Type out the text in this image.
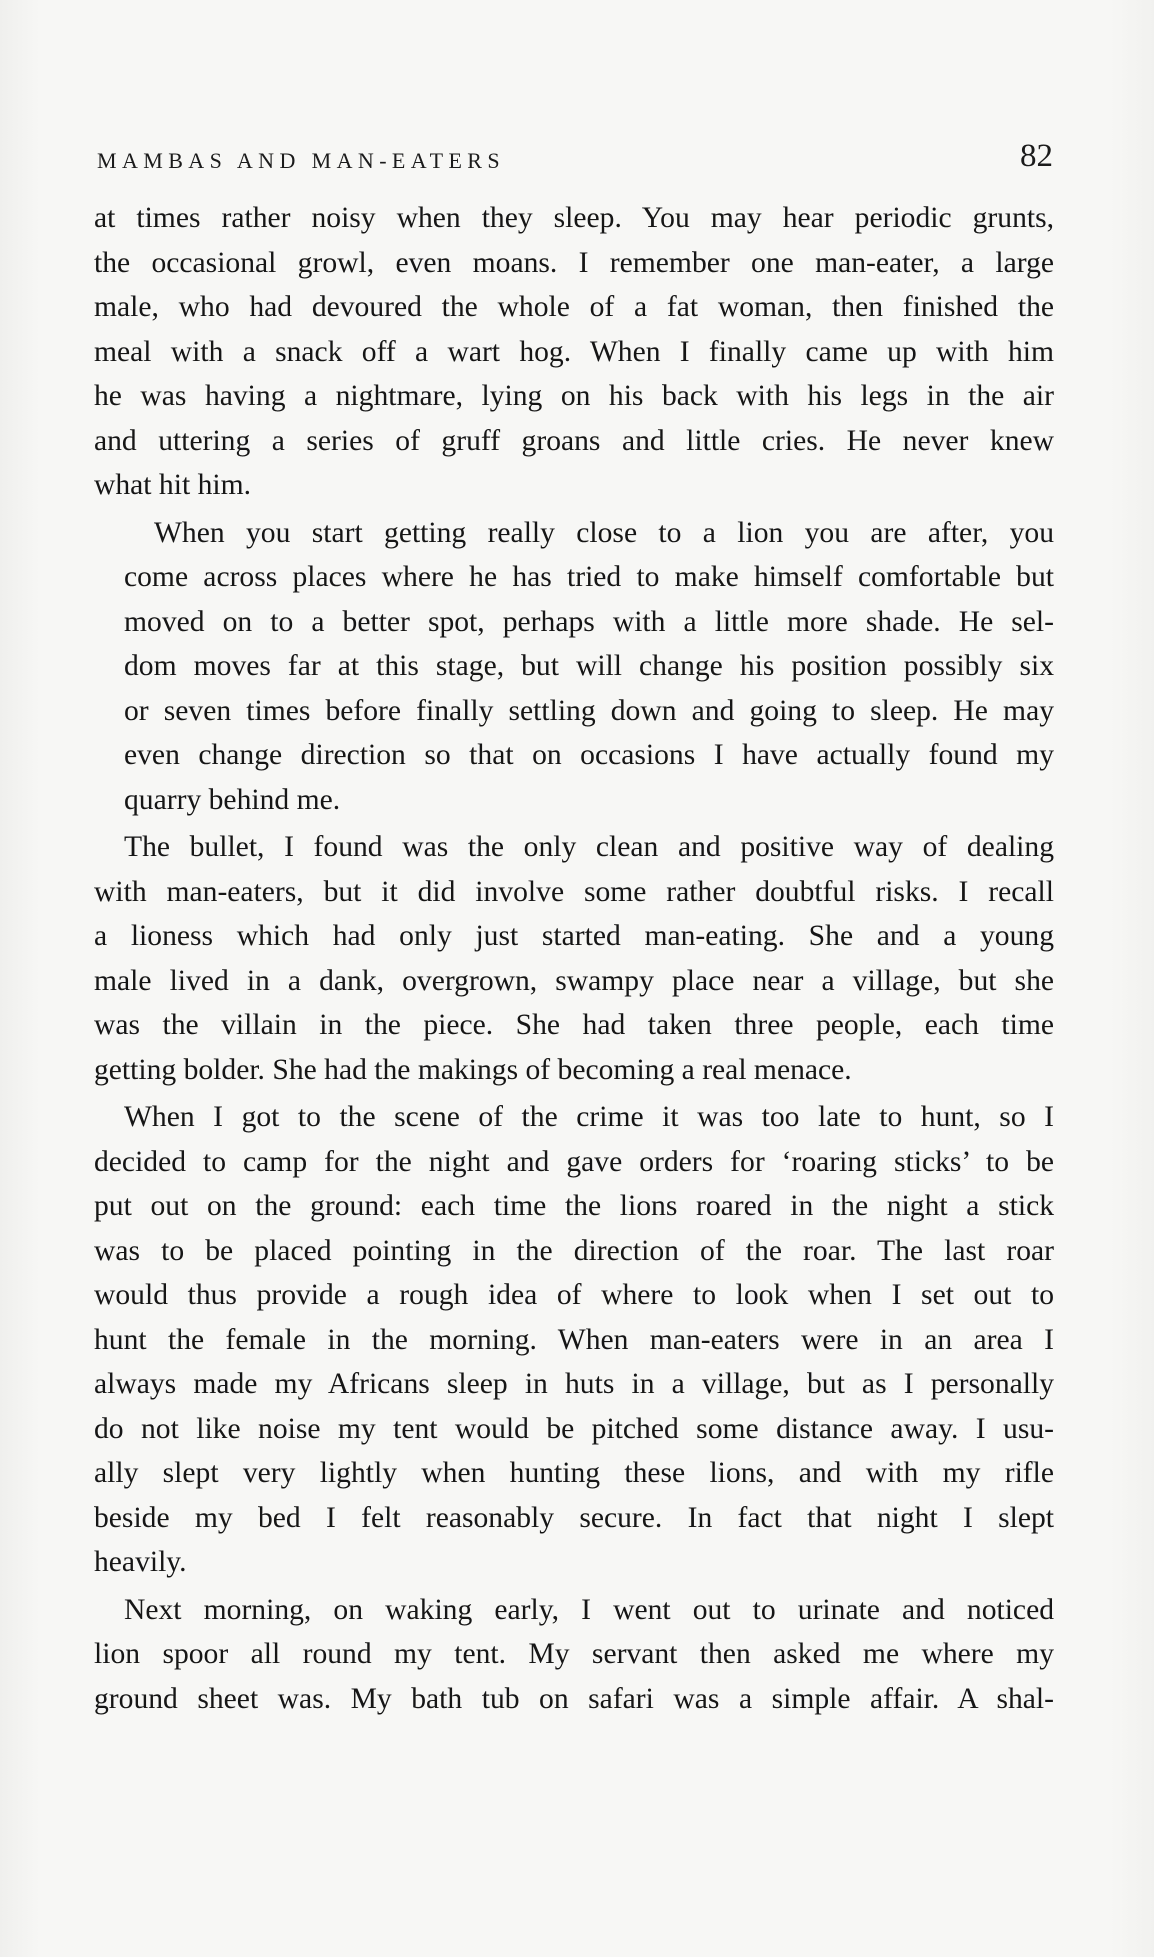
MAMBAS AND MAN-EATERS	82

at times rather noisy when they sleep. You may hear periodic grunts,
the occasional growl, even moans. I remember one man-eater, a large
male, who had devoured the whole of a fat woman, then finished the
meal with a snack off a wart hog. When I finally came up with him
he was having a nightmare, lying on his back with his legs in the air
and uttering a series of gruff groans and little cries. He never knew
what hit him.

When you start getting really close to a lion you are after, you
come across places where he has tried to make himself comfortable but
moved on to a better spot, perhaps with a little more shade. He sel-
dom moves far at this stage, but will change his position possibly six
or seven times before finally settling down and going to sleep. He may
even change direction so that on occasions I have actually found my
quarry behind me.

The bullet, I found was the only clean and positive way of dealing
with man-eaters, but it did involve some rather doubtful risks. I recall
a lioness which had only just started man-eating. She and a young
male lived in a dank, overgrown, swampy place near a village, but she
was the villain in the piece. She had taken three people, each time
getting bolder. She had the makings of becoming a real menace.

When I got to the scene of the crime it was too late to hunt, so I
decided to camp for the night and gave orders for ‘roaring sticks’ to be
put out on the ground: each time the lions roared in the night a stick
was to be placed pointing in the direction of the roar. The last roar
would thus provide a rough idea of where to look when I set out to
hunt the female in the morning. When man-eaters were in an area I
always made my Africans sleep in huts in a village, but as I personally
do not like noise my tent would be pitched some distance away. I usu-
ally slept very lightly when hunting these lions, and with my rifle
beside my bed I felt reasonably secure. In fact that night I slept
heavily.

Next morning, on waking early, I went out to urinate and noticed
lion spoor all round my tent. My servant then asked me where my
ground sheet was. My bath tub on safari was a simple affair. A shal-
